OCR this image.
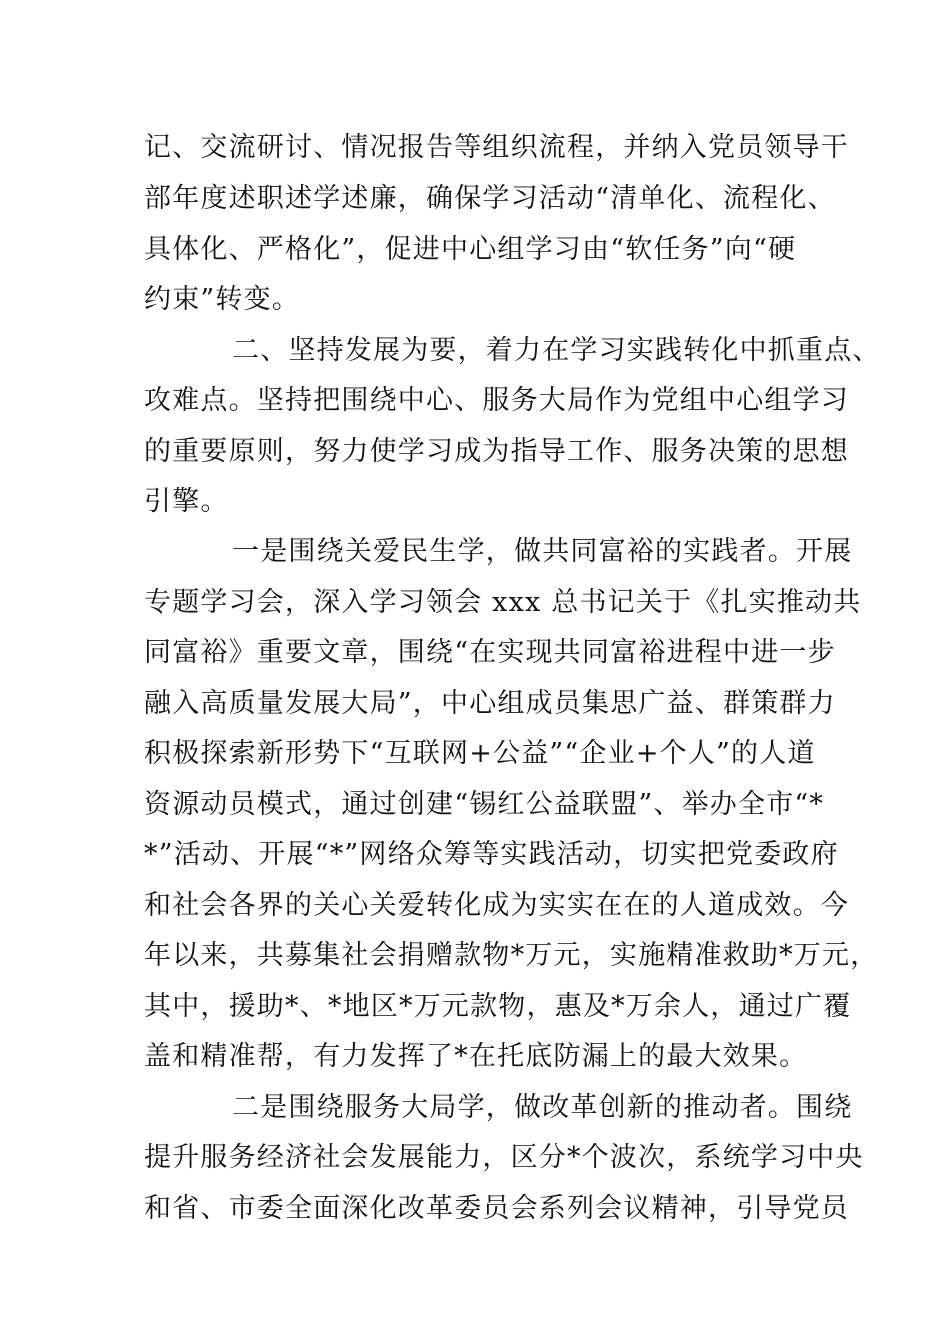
记、交流研讨、情况报告等组织流程，并纳入党员领导干
部年度述职述学述廉，确保学习活动“清单化、流程化、
具体化、严格化”，促进中心组学习由“软任务”向“硬
约束”转变。
二、坚持发展为要，着力在学习实践转化中抓重点、
攻难点。坚持把围绕中心、服务大局作为党组中心组学习
的重要原则，努力使学习成为指导工作、服务决策的思想
引擎。
一是围绕关爱民生学，做共同富裕的实践者。开展
专题学习会，深入学习领会 xxx 总书记关于《扎实推动共
同富裕》重要文章，围绕“在实现共同富裕进程中进一步
融入高质量发展大局”，中心组成员集思广益、群策群力
积极探索新形势下“互联网+公益”“企业+个人”的人道
资源动员模式，通过创建“锡红公益联盟”、举办全市“*
*”活动、开展“*”网络众筹等实践活动，切实把党委政府
和社会各界的关心关爱转化成为实实在在的人道成效。今
年以来，共募集社会捐赠款物*万元，实施精准救助*万元，
其中，援助*、*地区*万元款物，惠及*万余人，通过广覆
盖和精准帮，有力发挥了*在托底防漏上的最大效果。
二是围绕服务大局学，做改革创新的推动者。围绕
提升服务经济社会发展能力，区分*个波次，系统学习中央
和省、市委全面深化改革委员会系列会议精神，引导党员
